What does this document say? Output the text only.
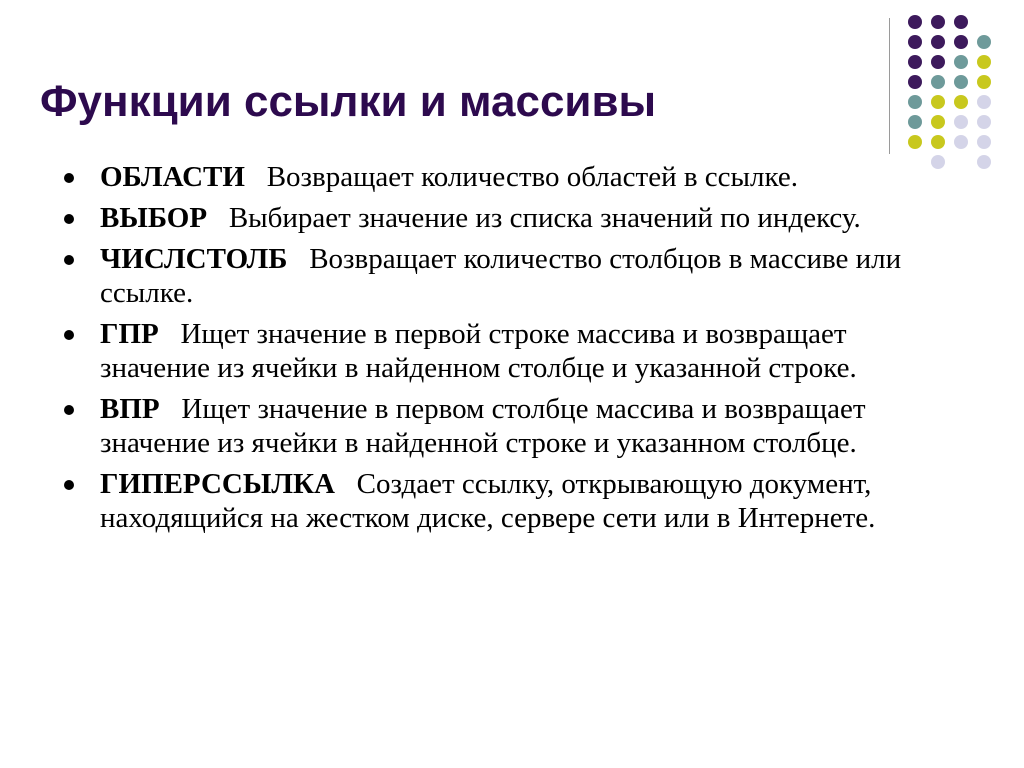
Функции ссылки и массивы
ОБЛАСТИ Возвращает количество областей в ссылке.
ВЫБОР Выбирает значение из списка значений по индексу.
ЧИСЛСТОЛБ Возвращает количество столбцов в массиве или ссылке.
ГПР Ищет значение в первой строке массива и возвращает значение из ячейки в найденном столбце и указанной строке.
ВПР Ищет значение в первом столбце массива и возвращает значение из ячейки в найденной строке и указанном столбце.
ГИПЕРССЫЛКА Создает ссылку, открывающую документ, находящийся на жестком диске, сервере сети или в Интернете.
